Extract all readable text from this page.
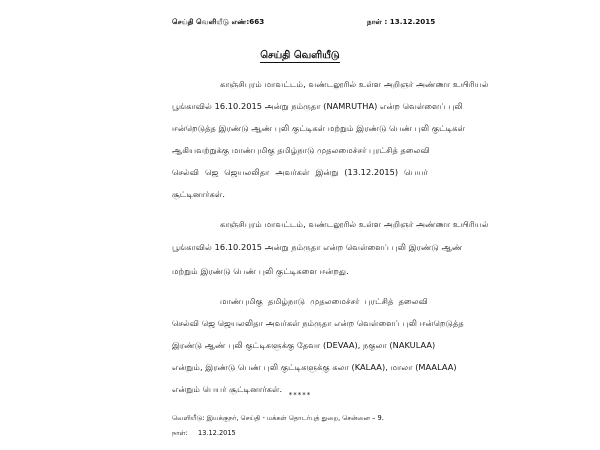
செய்தி வெளியீடு எண்:663	நாள் : 13.12.2015
செய்தி வெளியீடு
காஞ்சிபுரம் மாவட்டம், வண்டலூரில் உள்ள அறிஞர் அண்ணா உயிரியல்
பூங்காவில் 16.10.2015 அன்று நம்ருதா (NAMRUTHA) என்ற வெள்ளைப் புலி
ஈன்றெடுத்த இரண்டு ஆண் புலி குட்டிகள் மற்றும் இரண்டு பெண் புலி குட்டிகள்
ஆகியவற்றுக்கு மாண்புமிகு தமிழ்நாடு முதலமைச்சர் புரட்சித் தலைவி
செல்வி ஜெ ஜெயலலிதா அவர்கள் இன்று (13.12.2015) பெயர்
சூட்டினார்கள்.
காஞ்சிபுரம் மாவட்டம், வண்டலூரில் உள்ள அறிஞர் அண்ணா உயிரியல்
பூங்காவில் 16.10.2015 அன்று நம்ருதா என்ற வெள்ளைப் புலி இரண்டு ஆண்
மற்றும் இரண்டு பெண் புலி குட்டிகளை ஈன்றது.
மாண்புமிகு தமிழ்நாடு முதலமைச்சர் புரட்சித் தலைவி
செல்வி ஜெ ஜெயலலிதா அவர்கள் நம்ருதா என்ற வெள்ளைப் புலி ஈன்றெடுத்த
இரண்டு ஆண் புலி குட்டிகளுக்கு தேவா (DEVAA), நகுலா (NAKULAA)
என்றும், இரண்டு பெண் புலி குட்டிகளுக்கு கலா (KALAA), மாலா (MAALAA)
என்றும் பெயர் சூட்டினார்கள்.
*****
வெளியீடு: இயக்குநர், செய்தி - மக்கள் தொடர்புத் துறை, சென்னை – 9.
நாள்: 13.12.2015
